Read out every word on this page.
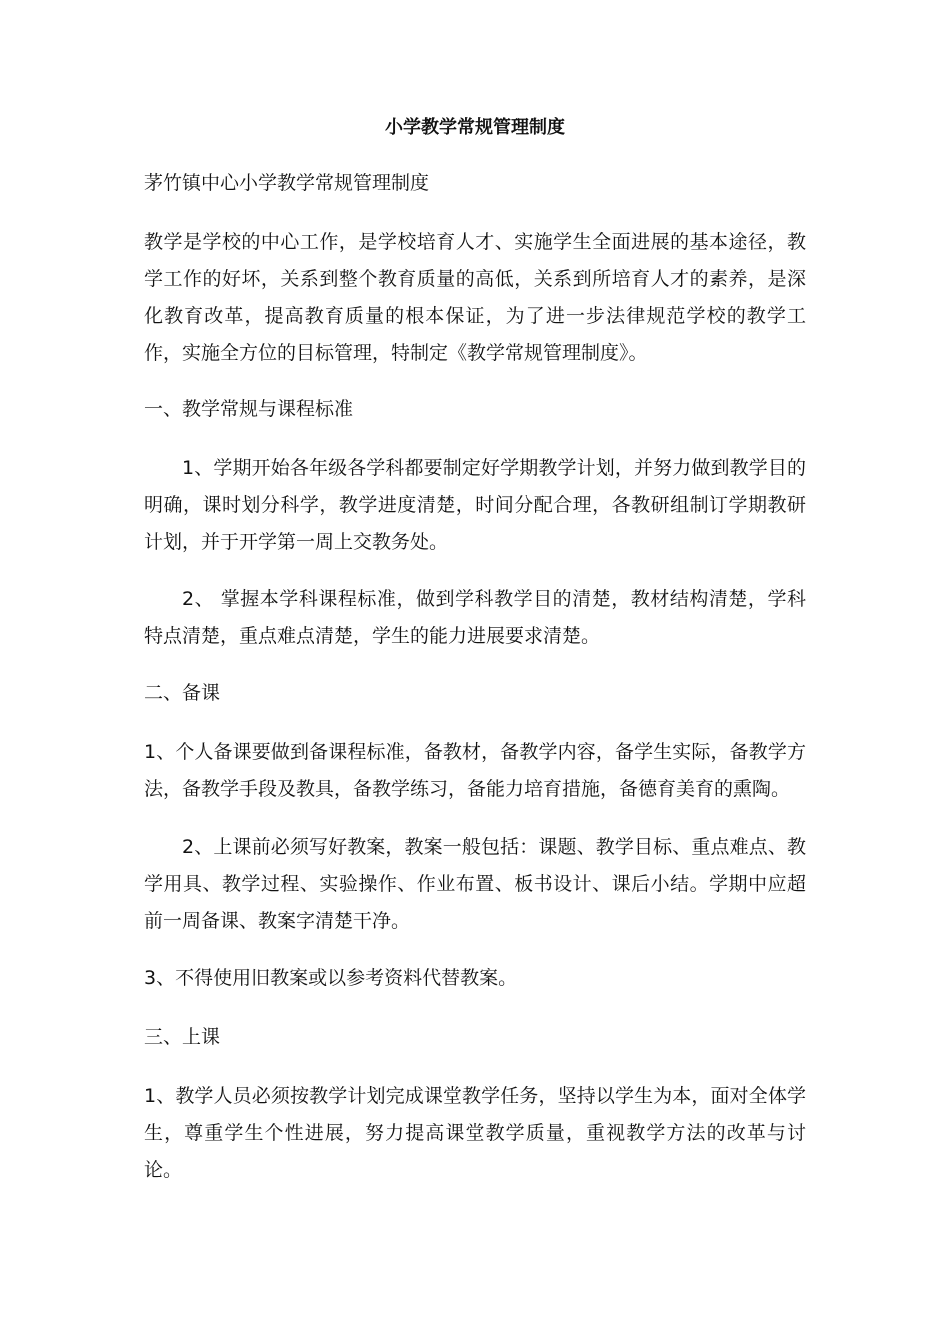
小学教学常规管理制度

茅竹镇中心小学教学常规管理制度

教学是学校的中心工作，是学校培育人才、实施学生全面进展的基本途径，教学工作的好坏，关系到整个教育质量的高低，关系到所培育人才的素养，是深化教育改革，提高教育质量的根本保证，为了进一步法律规范学校的教学工作，实施全方位的目标管理，特制定《教学常规管理制度》。

一、教学常规与课程标准

1、学期开始各年级各学科都要制定好学期教学计划，并努力做到教学目的明确，课时划分科学，教学进度清楚，时间分配合理，各教研组制订学期教研计划，并于开学第一周上交教务处。

2、 掌握本学科课程标准，做到学科教学目的清楚，教材结构清楚，学科特点清楚，重点难点清楚，学生的能力进展要求清楚。

二、备课

1、个人备课要做到备课程标准，备教材，备教学内容，备学生实际，备教学方法，备教学手段及教具，备教学练习，备能力培育措施，备德育美育的熏陶。

2、上课前必须写好教案，教案一般包括：课题、教学目标、重点难点、教学用具、教学过程、实验操作、作业布置、板书设计、课后小结。学期中应超前一周备课、教案字清楚干净。

3、不得使用旧教案或以参考资料代替教案。

三、上课

1、教学人员必须按教学计划完成课堂教学任务，坚持以学生为本，面对全体学生，尊重学生个性进展，努力提高课堂教学质量，重视教学方法的改革与讨论。
